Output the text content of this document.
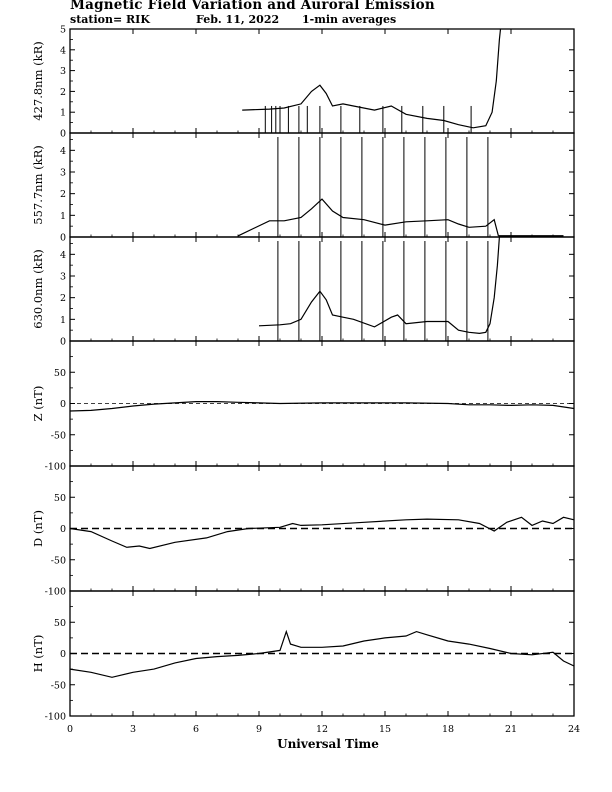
Magnetic Field Variation and Auroral Emission
station= RIK	Feb. 11, 2022 1-min averages
Universal Time
0
1
2
3
4
5
427.8nm (kR)
0
1
2
3
4
557.7nm (kR)
0
1
2
3
4
630.0nm (kR)
-100
-50
0
50
Z (nT)
-100
-50
0
50
D (nT)
-100
-50
0
50
H (nT)
0	3	6	9	12	15	18	21	24
